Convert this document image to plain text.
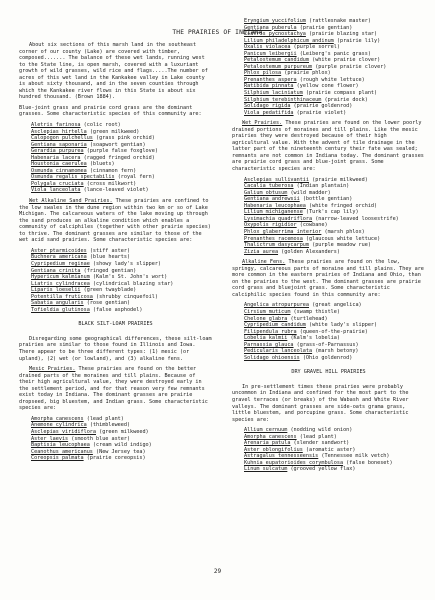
THE PRAIRIES OF INDIANA

About six sections of this marsh land in the southeast corner of our county (Lake) are covered with timber, composed....... The balance of these wet lands, running west to the State line, is open marsh, covered with a luxuriant growth of wild grasses, wild rice and flags.....The number of acres of this wet land in the Kankakee valley in Lake county is about sixty thousand, and in the seven counties through which the Kankakee river flows in this State is about six hundred thousand. (Brown 1884).

Blue-joint grass and prairie cord grass are the dominant grasses. Some characteristic species of this community are:

Aletris farinosa (colic root)
Asclepias hirtella (green milkweed)
Calopogon pulchellus (grass pink orchid)
Gentiana saponaria (soapwort gentian)
Gerardia purpurea (purple false foxglove)
Habenaria lacera (ragged fringed orchid)
Houstonia caerulea (bluets)
Osmunda cinnamomea (cinnamon fern)
Osmunda regalis spectabilis (royal fern)
Polygala cruciata (cross milkwort)
Viola lanceolata (lance-leaved violet)

Wet Alkaline Sand Prairies. These prairies are confined to the low swales in the dune region within two km or so of Lake Michigan. The calcareous waters of the lake moving up through the sand produces an alkaline condition which enables a community of calciphiles (together with other prairie species) to thrive. The dominant grasses are similar to those of the wet acid sand prairies. Some characteristic species are:

Aster ptarmicoides (stiff aster)
Buchnera americana (blue hearts)
Cypripedium reginae (showy lady's slipper)
Gentiana crinita (fringed gentian)
Hypericum kalmianum (Kalm's St. John's wort)
Liatris cylindracea (cylindrical blazing star)
Liparis loeselii (green twayblade)
Potentilla fruticosa (shrubby cinquefoil)
Sabatia angularis (rose gentian)
Tofieldia glutinosa (false asphodel)
BLACK SILT-LOAM PRAIRIES

Disregarding some geographical differences, these silt-loam prairies are similar to those found in Illinois and Iowa. There appear to be three different types: (1) mesic (or upland), (2) wet (or lowland), and (3) alkaline fens.

Mesic Prairies. These prairies are found on the better drained parts of the moraines and till plains. Because of their high agricultural value, they were destroyed early in the settlement period, and for that reason very few remnants exist today in Indiana. The dominant grasses are prairie dropseed, big bluestem, and Indian grass. Some characteristic species are:

Amorpha canescens (lead plant)
Anemone cylindrica (thimbleweed)
Asclepias viridiflora (green milkweed)
Aster laevis (smooth blue aster)
Baptisia leucophaea (cream wild indigo)
Ceanothus americanus (New Jersey tea)
Coreopsis palmata (prairie coreopsis)
Eryngium yuccifolium (rattlesnake master)
Gentiana puberula (prairie gentian)
Liatris pycnostachya (prairie blazing star)
Lilium philadelphicum andinum (prairie lily)
Oxalis violacea (purple sorrel)
Panicum leibergii (Leiberg's panic grass)
Petalostemum candidum (white prairie clover)
Petalostemum purpureum (purple prairie clover)
Phlox pilosa (prairie phlox)
Prenanthes aspera (rough white lettuce)
Ratibida pinnata (yellow cone flower)
Silphium laciniatum (prairie compass plant)
Silphium terebinthinaceum (prairie dock)
Solidago rigida (prairie goldenrod)
Viola pedatifida (prairie violet)

Wet Prairies. These prairies are found on the lower poorly drained portions of moraines and till plains. Like the mesic prairies they were destroyed because of their high agricultural value. With the advent of tile drainage in the latter part of the nineteenth century their fate was sealed; remnants are not common in Indiana today. The dominant grasses are prairie cord grass and blue-joint grass. Some characteristic species are:

Asclepias sullivantii (prairie milkweed)
Cacalia tuberosa (Indian plantain)
Galium obtusum (wild madder)
Gentiana andrewsii (bottle gentian)
Habenaria leucophaea (white fringed orchid)
Lilium michiganense (Turk's cap lily)
Lysimachia quadriflora (narrow-leaved loosestrife)
Oxypolis rigidior (cowbane)
Phlox glaberrima interior (marsh phlox)
Prenanthes racemosa (glaucous white lettuce)
Thalictrum dasycarpum (purple meadow rue)
Zizia aurea (golden Alexanders)

Alkaline Fens. These prairies are found on the low, springy, calcareous parts of moraine and till plains. They are more common in the eastern prairies of Indiana and Ohio, than on the prairies to the west. The dominant grasses are prairie cord grass and bluejoint grass. Some characteristic calciphilic species found in this community are:

Angelica atropurpurea (great angelica)
Cirsium muticum (swamp thistle)
Chelone glabra (turtlehead)
Cypripedium candidum (white lady's slipper)
Filipendula rubra (queen-of-the-prairie)
Lobelia kalmii (Kalm's lobelia)
Parnassia glauca (grass-of-Parnassus)
Pedicularis lanceolata (marsh betony)
Solidago ohioensis (Ohio goldenrod)
DRY GRAVEL HILL PRAIRIES

In pre-settlement times these prairies were probably uncommon in Indiana and confined for the most part to the gravel terraces (or breaks) of the Wabash and White River valleys. The dominant grasses are side-oats grama grass, little bluestem, and porcupine grass. Some characteristic species are:

Allium cernuum (nodding wild onion)
Amorpha canescens (lead plant)
Arenaria patula (slender sandwort)
Aster oblongifolius (aromatic aster)
Astragalus tennesseensis (Tennessee milk vetch)
Kuhnia eupatorioides corymbulosa (false boneset)
Linum sulcatum (grooved yellow flax)
29
